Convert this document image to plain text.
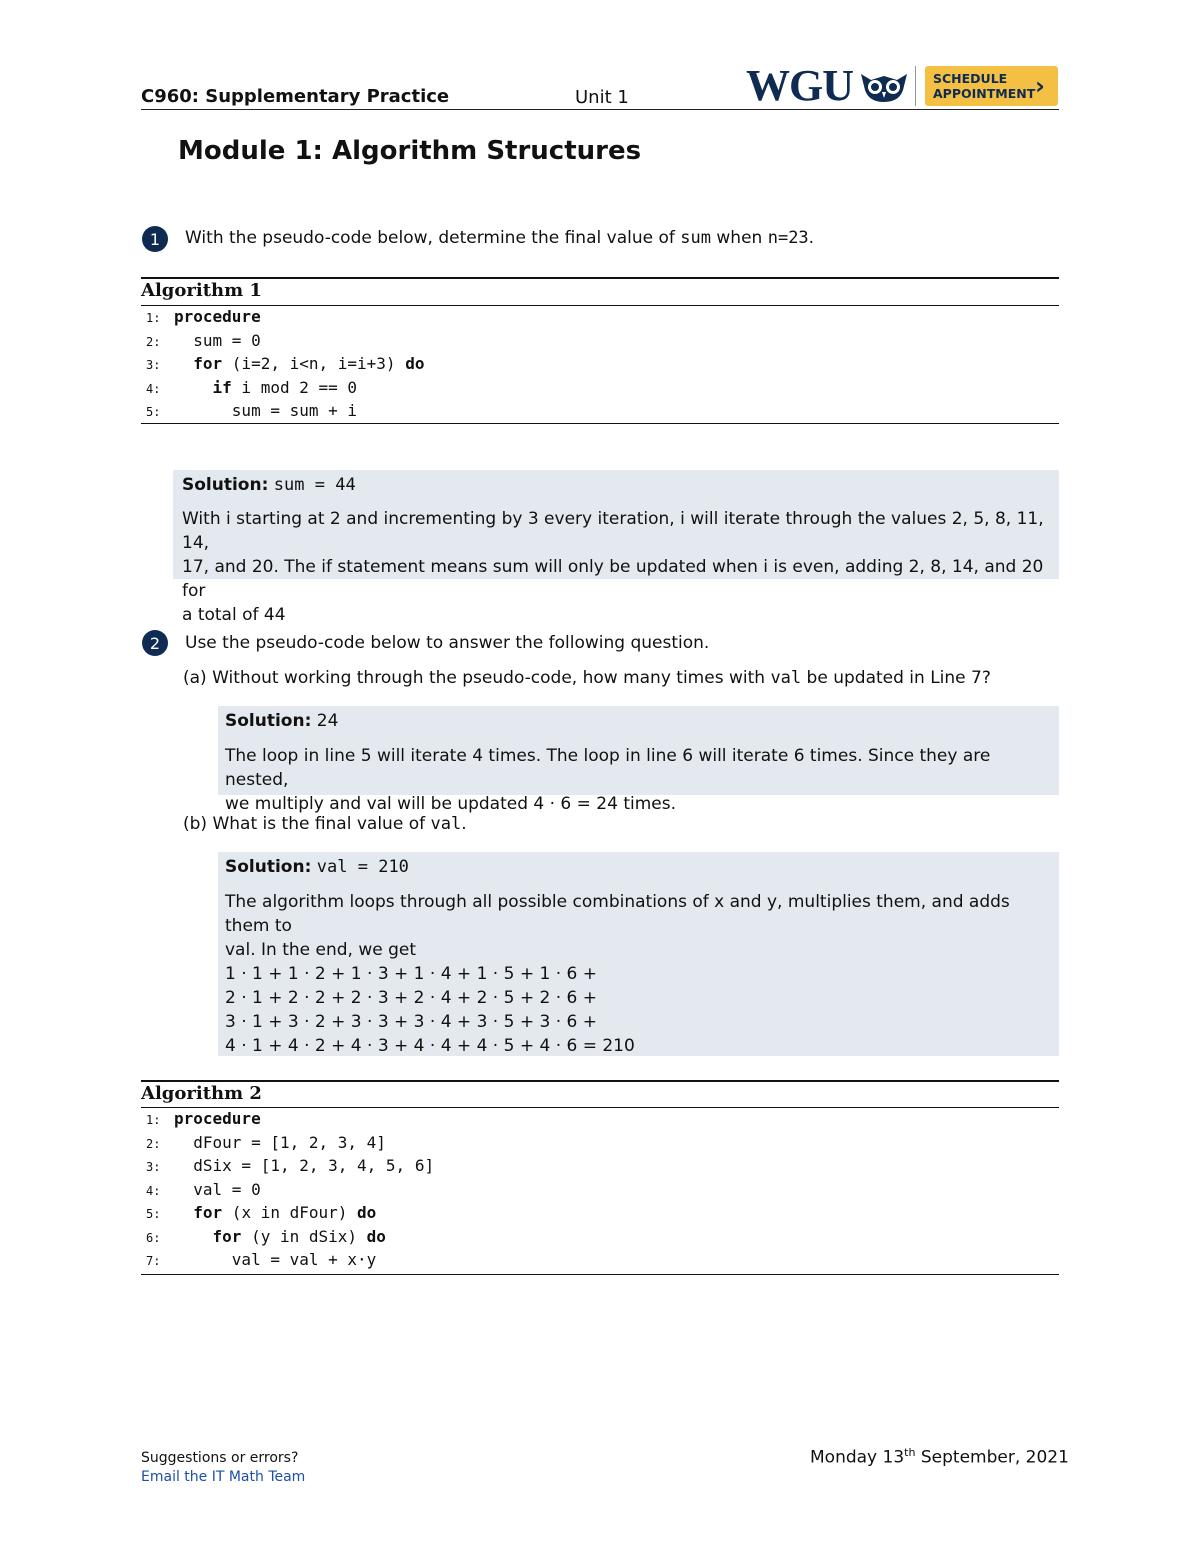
C960: Supplementary Practice	Unit 1	WGU	SCHEDULE
APPOINTMENT ›
Module 1: Algorithm Structures
1	With the pseudo-code below, determine the final value of sum when n=23.
Algorithm 1
1: procedure
2: sum = 0
3: for (i=2, i<n, i=i+3) do
4:	if i mod 2 == 0
5:	sum = sum + i
Solution: sum = 44

With i starting at 2 and incrementing by 3 every iteration, i will iterate through the values 2, 5, 8, 11, 14,

17, and 20. The if statement means sum will only be updated when i is even, adding 2, 8, 14, and 20 for

a total of 44

2	Use the pseudo-code below to answer the following question.
(a) Without working through the pseudo-code, how many times with val be updated in Line 7?
Solution: 24

The loop in line 5 will iterate 4 times. The loop in line 6 will iterate 6 times. Since they are nested,

we multiply and val will be updated 4 · 6 = 24 times.

(b) What is the final value of val.
Solution: val = 210

The algorithm loops through all possible combinations of x and y, multiplies them, and adds them to

val. In the end, we get

1 · 1 + 1 · 2 + 1 · 3 + 1 · 4 + 1 · 5 + 1 · 6 +

2 · 1 + 2 · 2 + 2 · 3 + 2 · 4 + 2 · 5 + 2 · 6 +

3 · 1 + 3 · 2 + 3 · 3 + 3 · 4 + 3 · 5 + 3 · 6 +

4 · 1 + 4 · 2 + 4 · 3 + 4 · 4 + 4 · 5 + 4 · 6 = 210

Algorithm 2
1: procedure
2: dFour = [1, 2, 3, 4]
3: dSix = [1, 2, 3, 4, 5, 6]
4: val = 0
5: for (x in dFour) do
6:	for (y in dSix) do
7:	val = val + x·y
Suggestions or errors?
Email the IT Math Team
Monday 13th September, 2021
